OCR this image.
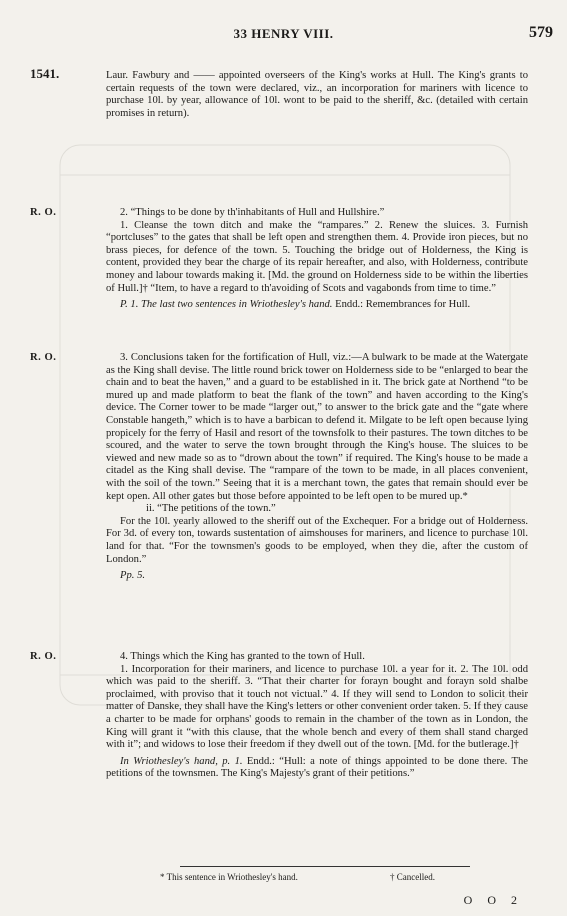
33 HENRY VIII.	579
1541.	Laur. Fawbury and —— appointed overseers of the King's works at Hull. The King's grants to certain requests of the town were declared, viz., an incorporation for mariners with licence to purchase 10l. by year, allowance of 10l. wont to be paid to the sheriff, &c. (detailed with certain promises in return).

R. O.	2. “Things to be done by th'inhabitants of Hull and Hullshire.”

1. Cleanse the town ditch and make the “rampares.” 2. Renew the sluices. 3. Furnish “portcluses” to the gates that shall be left open and strengthen them. 4. Provide iron pieces, but no brass pieces, for defence of the town. 5. Touching the bridge out of Holderness, the King is content, provided they bear the charge of its repair hereafter, and also, with Holderness, contribute money and labour towards making it. [Md. the ground on Holderness side to be within the liberties of Hull.]† “Item, to have a regard to th'avoiding of Scots and vagabonds from time to time.”

P. 1. The last two sentences in Wriothesley's hand. Endd.: Remembrances for Hull.

R. O.	3. Conclusions taken for the fortification of Hull, viz.:—A bulwark to be made at the Watergate as the King shall devise. The little round brick tower on Holderness side to be “enlarged to bear the chain and to beat the haven,” and a guard to be established in it. The brick gate at Northend “to be mured up and made platform to beat the flank of the town” and haven according to the King's device. The Corner tower to be made “larger out,” to answer to the brick gate and the “gate where Constable hangeth,” which is to have a barbican to defend it. Milgate to be left open because lying propicely for the ferry of Hasil and resort of the townsfolk to their pastures. The town ditches to be scoured, and the water to serve the town brought through the King's house. The sluices to be viewed and new made so as to “drown about the town” if required. The King's house to be made a citadel as the King shall devise. The “rampare of the town to be made, in all places convenient, with the soil of the town.” Seeing that it is a merchant town, the gates that remain should ever be kept open. All other gates but those before appointed to be left open to be mured up.*

ii. “The petitions of the town.”

For the 10l. yearly allowed to the sheriff out of the Exchequer. For a bridge out of Holderness. For 3d. of every ton, towards sustentation of aimshouses for mariners, and licence to purchase 10l. land for that. “For the townsmen's goods to be employed, when they die, after the custom of London.”

Pp. 5.

R. O.	4. Things which the King has granted to the town of Hull.

1. Incorporation for their mariners, and licence to purchase 10l. a year for it. 2. The 10l. odd which was paid to the sheriff. 3. “That their charter for forayn bought and forayn sold shalbe proclaimed, with proviso that it touch not victual.” 4. If they will send to London to solicit their matter of Danske, they shall have the King's letters or other convenient order taken. 5. If they cause a charter to be made for orphans' goods to remain in the chamber of the town as in London, the King will grant it “with this clause, that the whole bench and every of them shall stand charged with it”; and widows to lose their freedom if they dwell out of the town. [Md. for the butlerage.]†

In Wriothesley's hand, p. 1. Endd.: “Hull: a note of things appointed to be done there. The petitions of the townsmen. The King's Majesty's grant of their petitions.”

* This sentence in Wriothesley's hand.	† Cancelled.
O O 2
